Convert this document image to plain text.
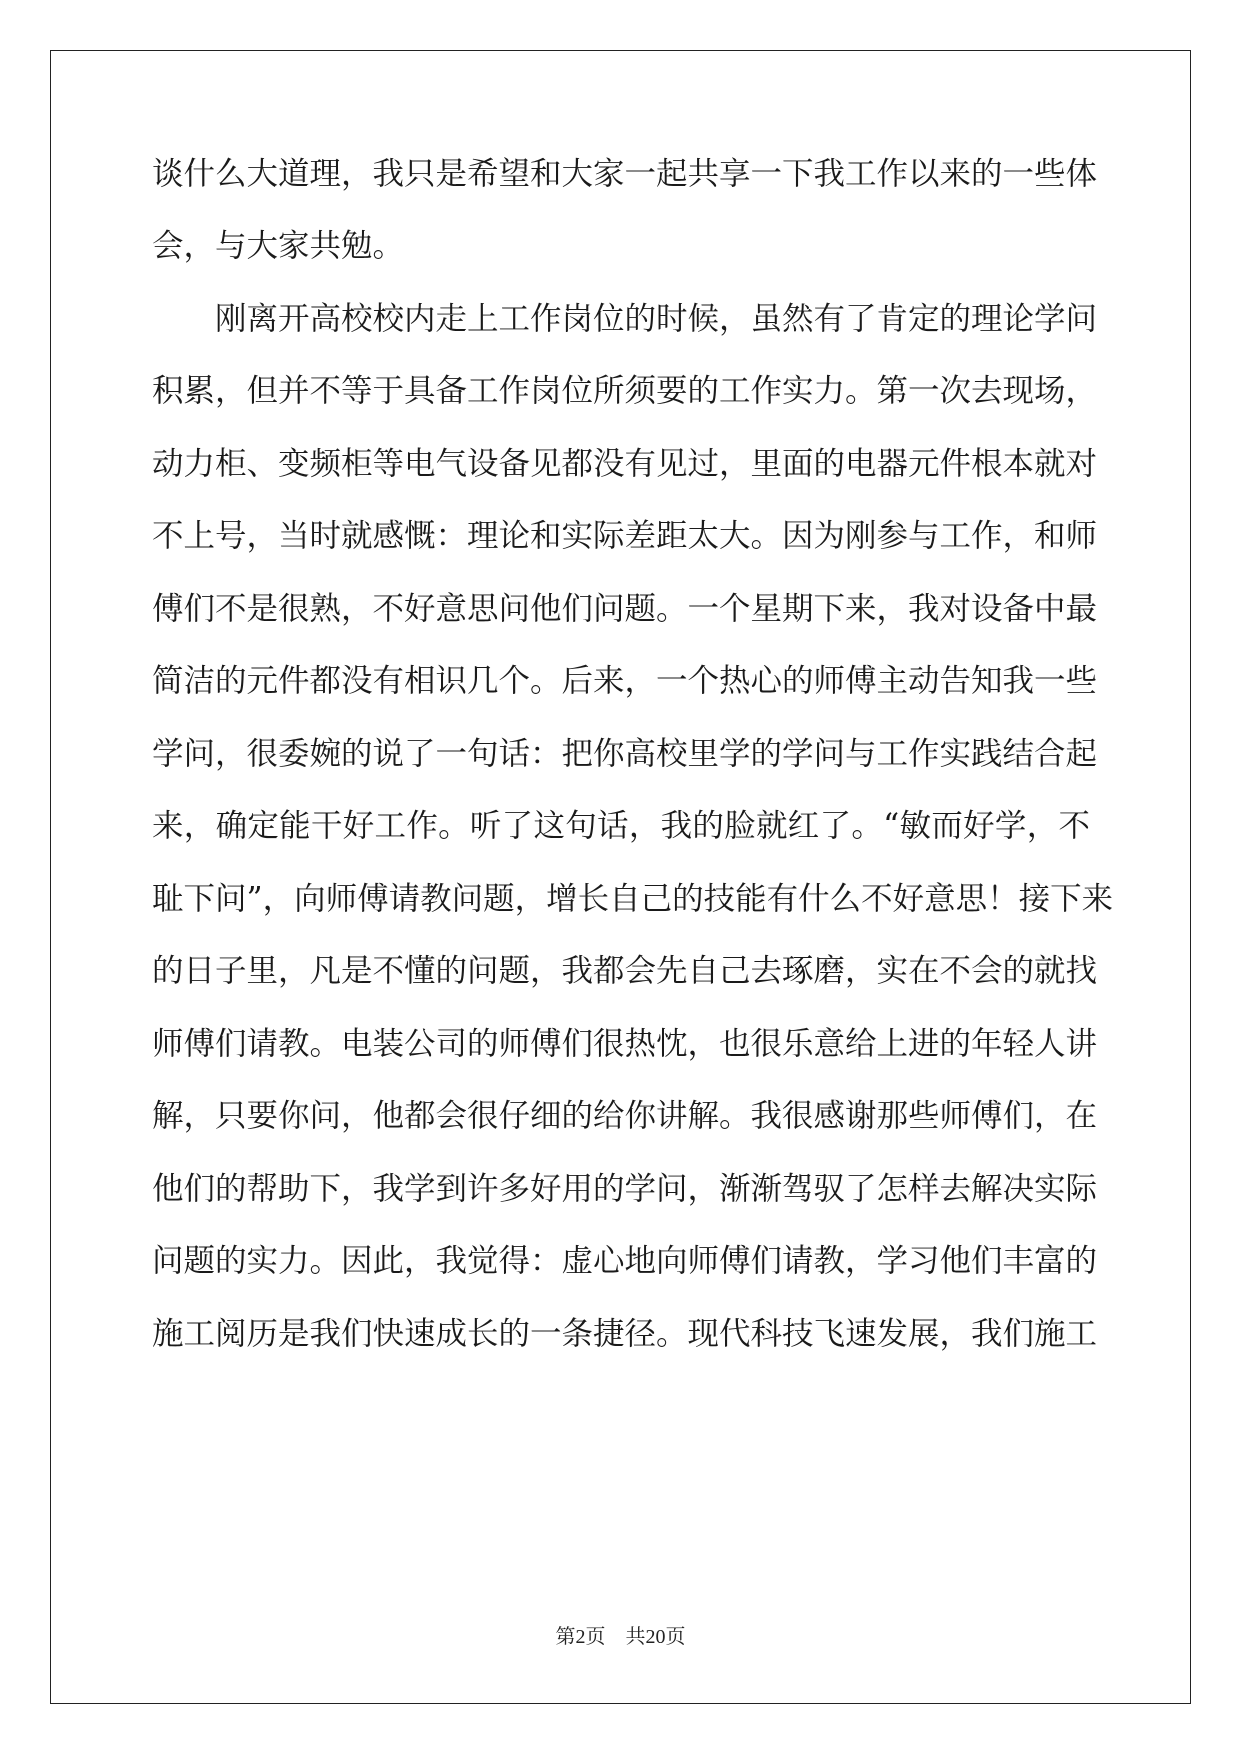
谈什么大道理，我只是希望和大家一起共享一下我工作以来的一些体
会，与大家共勉。
　　刚离开高校校内走上工作岗位的时候，虽然有了肯定的理论学问
积累，但并不等于具备工作岗位所须要的工作实力。第一次去现场，
动力柜、变频柜等电气设备见都没有见过，里面的电器元件根本就对
不上号，当时就感慨：理论和实际差距太大。因为刚参与工作，和师
傅们不是很熟，不好意思问他们问题。一个星期下来，我对设备中最
简洁的元件都没有相识几个。后来，一个热心的师傅主动告知我一些
学问，很委婉的说了一句话：把你高校里学的学问与工作实践结合起
来，确定能干好工作。听了这句话，我的脸就红了。“敏而好学，不
耻下问”，向师傅请教问题，增长自己的技能有什么不好意思！接下来
的日子里，凡是不懂的问题，我都会先自己去琢磨，实在不会的就找
师傅们请教。电装公司的师傅们很热忱，也很乐意给上进的年轻人讲
解，只要你问，他都会很仔细的给你讲解。我很感谢那些师傅们，在
他们的帮助下，我学到许多好用的学问，渐渐驾驭了怎样去解决实际
问题的实力。因此，我觉得：虚心地向师傅们请教，学习他们丰富的
施工阅历是我们快速成长的一条捷径。现代科技飞速发展，我们施工
第2页　共20页
